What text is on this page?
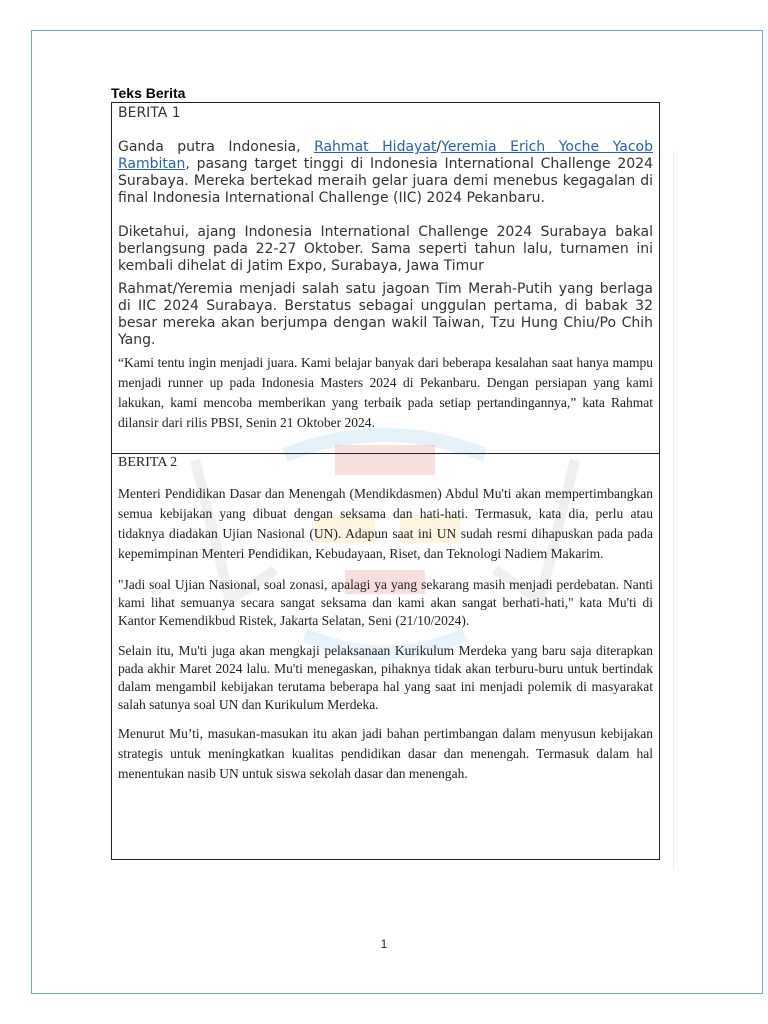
Teks Berita
BERITA 1

Ganda putra Indonesia, Rahmat Hidayat/Yeremia Erich Yoche Yacob Rambitan, pasang target tinggi di Indonesia International Challenge 2024 Surabaya. Mereka bertekad meraih gelar juara demi menebus kegagalan di final Indonesia International Challenge (IIC) 2024 Pekanbaru.

Diketahui, ajang Indonesia International Challenge 2024 Surabaya bakal berlangsung pada 22-27 Oktober. Sama seperti tahun lalu, turnamen ini kembali dihelat di Jatim Expo, Surabaya, Jawa Timur

Rahmat/Yeremia menjadi salah satu jagoan Tim Merah-Putih yang berlaga di IIC 2024 Surabaya. Berstatus sebagai unggulan pertama, di babak 32 besar mereka akan berjumpa dengan wakil Taiwan, Tzu Hung Chiu/Po Chih Yang.

“Kami tentu ingin menjadi juara. Kami belajar banyak dari beberapa kesalahan saat hanya mampu menjadi runner up pada Indonesia Masters 2024 di Pekanbaru. Dengan persiapan yang kami lakukan, kami mencoba memberikan yang terbaik pada setiap pertandingannya,” kata Rahmat dilansir dari rilis PBSI, Senin 21 Oktober 2024.

BERITA 2

Menteri Pendidikan Dasar dan Menengah (Mendikdasmen) Abdul Mu'ti akan mempertimbangkan semua kebijakan yang dibuat dengan seksama dan hati-hati. Termasuk, kata dia, perlu atau tidaknya diadakan Ujian Nasional (UN). Adapun saat ini UN sudah resmi dihapuskan pada pada kepemimpinan Menteri Pendidikan, Kebudayaan, Riset, dan Teknologi Nadiem Makarim.

"Jadi soal Ujian Nasional, soal zonasi, apalagi ya yang sekarang masih menjadi perdebatan. Nanti kami lihat semuanya secara sangat seksama dan kami akan sangat berhati-hati," kata Mu'ti di Kantor Kemendikbud Ristek, Jakarta Selatan, Seni (21/10/2024).

Selain itu, Mu'ti juga akan mengkaji pelaksanaan Kurikulum Merdeka yang baru saja diterapkan pada akhir Maret 2024 lalu. Mu'ti menegaskan, pihaknya tidak akan terburu-buru untuk bertindak dalam mengambil kebijakan terutama beberapa hal yang saat ini menjadi polemik di masyarakat salah satunya soal UN dan Kurikulum Merdeka.

Menurut Mu’ti, masukan-masukan itu akan jadi bahan pertimbangan dalam menyusun kebijakan strategis untuk meningkatkan kualitas pendidikan dasar dan menengah. Termasuk dalam hal menentukan nasib UN untuk siswa sekolah dasar dan menengah.

1
